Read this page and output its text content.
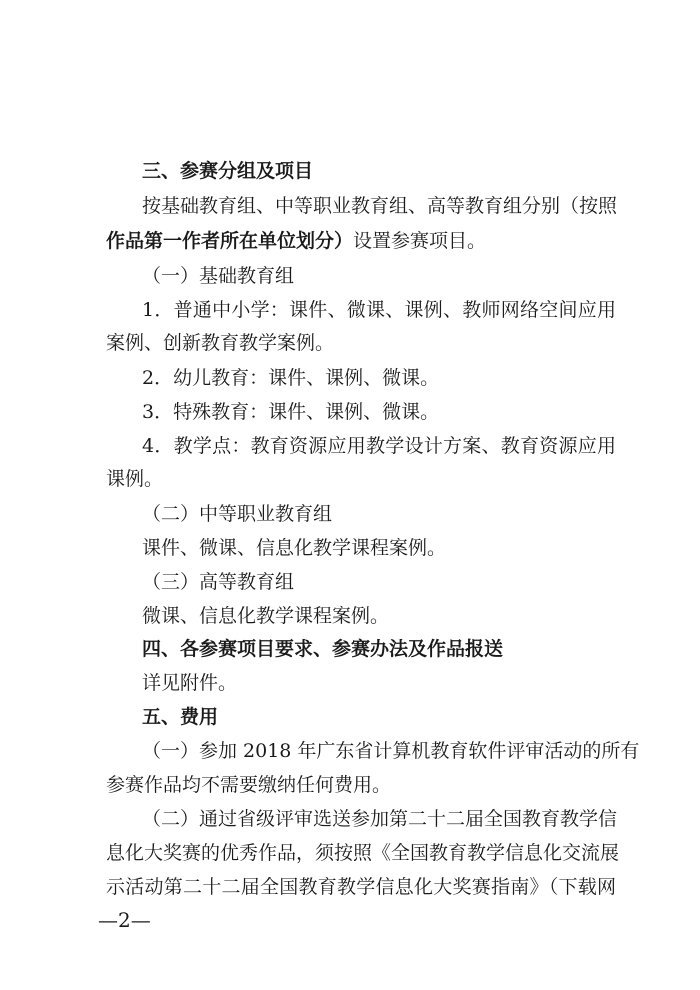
三、参赛分组及项目
按基础教育组、中等职业教育组、高等教育组分别（按照
作品第一作者所在单位划分）设置参赛项目。
（一）基础教育组
1．普通中小学：课件、微课、课例、教师网络空间应用
案例、创新教育教学案例。
2．幼儿教育：课件、课例、微课。
3．特殊教育：课件、课例、微课。
4．教学点：教育资源应用教学设计方案、教育资源应用
课例。
（二）中等职业教育组
课件、微课、信息化教学课程案例。
（三）高等教育组
微课、信息化教学课程案例。
四、各参赛项目要求、参赛办法及作品报送
详见附件。
五、费用
（一）参加 2018 年广东省计算机教育软件评审活动的所有
参赛作品均不需要缴纳任何费用。
（二）通过省级评审选送参加第二十二届全国教育教学信
息化大奖赛的优秀作品，须按照《全国教育教学信息化交流展
示活动第二十二届全国教育教学信息化大奖赛指南》（下载网
—2—
